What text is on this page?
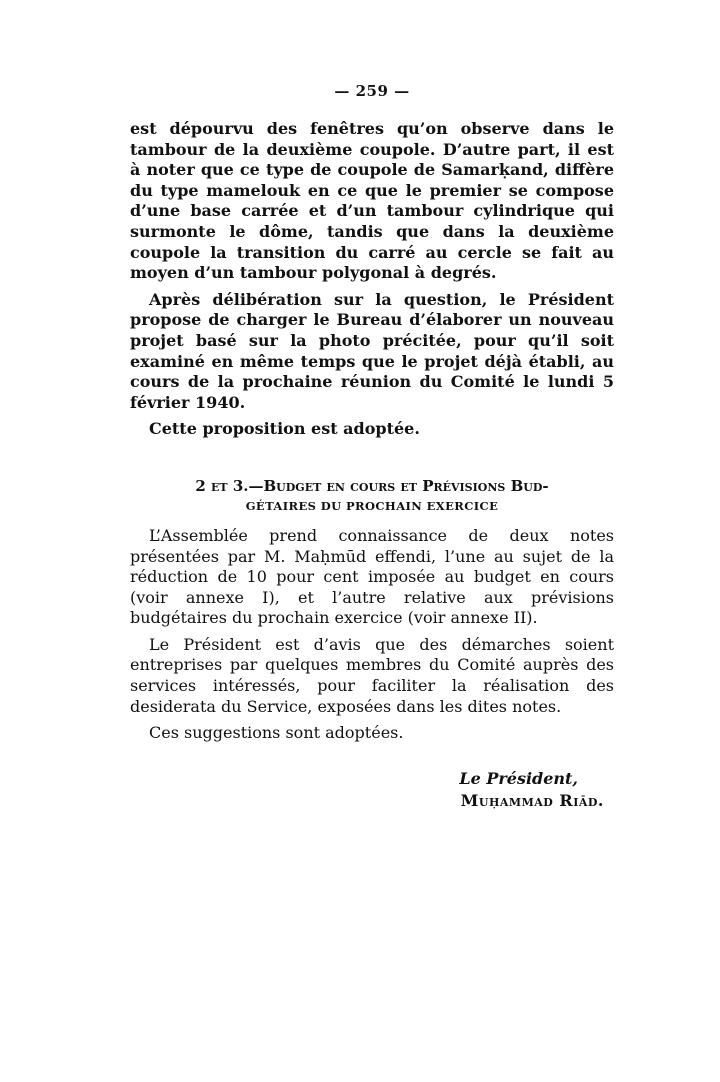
— 259 —

est dépourvu des fenêtres qu’on observe dans le tambour de la deuxième coupole. D’autre part, il est à noter que ce type de coupole de Samarḳand, diffère du type mamelouk en ce que le premier se compose d’une base carrée et d’un tambour cylindrique qui surmonte le dôme, tandis que dans la deuxième coupole la transition du carré au cercle se fait au moyen d’un tambour polygonal à degrés.

Après délibération sur la question, le Président propose de charger le Bureau d’élaborer un nouveau projet basé sur la photo précitée, pour qu’il soit examiné en même temps que le projet déjà établi, au cours de la prochaine réunion du Comité le lundi 5 février 1940.

Cette proposition est adoptée.

2 et 3.—Budget en cours et Prévisions Bud-
GÉTAIRES DU PROCHAIN EXERCICE

L’Assemblée prend connaissance de deux notes présentées par M. Maḥmūd effendi, l’une au sujet de la réduction de 10 pour cent imposée au budget en cours (voir annexe I), et l’autre relative aux prévisions budgétaires du prochain exercice (voir annexe II).

Le Président est d’avis que des démarches soient entreprises par quelques membres du Comité auprès des services intéressés, pour faciliter la réalisation des desiderata du Service, exposées dans les dites notes.

Ces suggestions sont adoptées.

Le Président,
Muḥammad Riād.
